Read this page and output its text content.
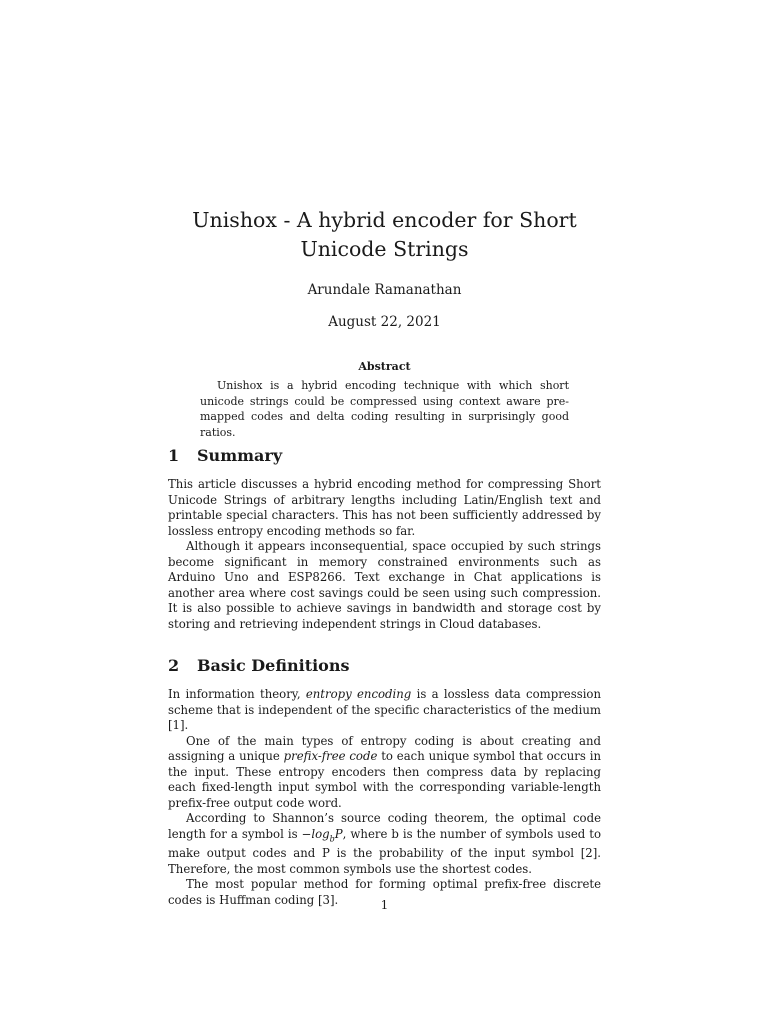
Unishox - A hybrid encoder for Short Unicode Strings
Arundale Ramanathan
August 22, 2021
Abstract

Unishox is a hybrid encoding technique with which short unicode strings could be compressed using context aware pre-mapped codes and delta coding resulting in surprisingly good ratios.

1 Summary

This article discusses a hybrid encoding method for compressing Short Unicode Strings of arbitrary lengths including Latin/English text and printable special characters. This has not been sufficiently addressed by lossless entropy encoding methods so far.

Although it appears inconsequential, space occupied by such strings become significant in memory constrained environments such as Arduino Uno and ESP8266. Text exchange in Chat applications is another area where cost savings could be seen using such compression. It is also possible to achieve savings in bandwidth and storage cost by storing and retrieving independent strings in Cloud databases.

2 Basic Definitions

In information theory, entropy encoding is a lossless data compression scheme that is independent of the specific characteristics of the medium [1].

One of the main types of entropy coding is about creating and assigning a unique prefix-free code to each unique symbol that occurs in the input. These entropy encoders then compress data by replacing each fixed-length input symbol with the corresponding variable-length prefix-free output code word.

According to Shannon’s source coding theorem, the optimal code length for a symbol is $-\log_bP$, where b is the number of symbols used to make output codes and P is the probability of the input symbol [2]. Therefore, the most common symbols use the shortest codes.

The most popular method for forming optimal prefix-free discrete codes is Huffman coding [3].	1
